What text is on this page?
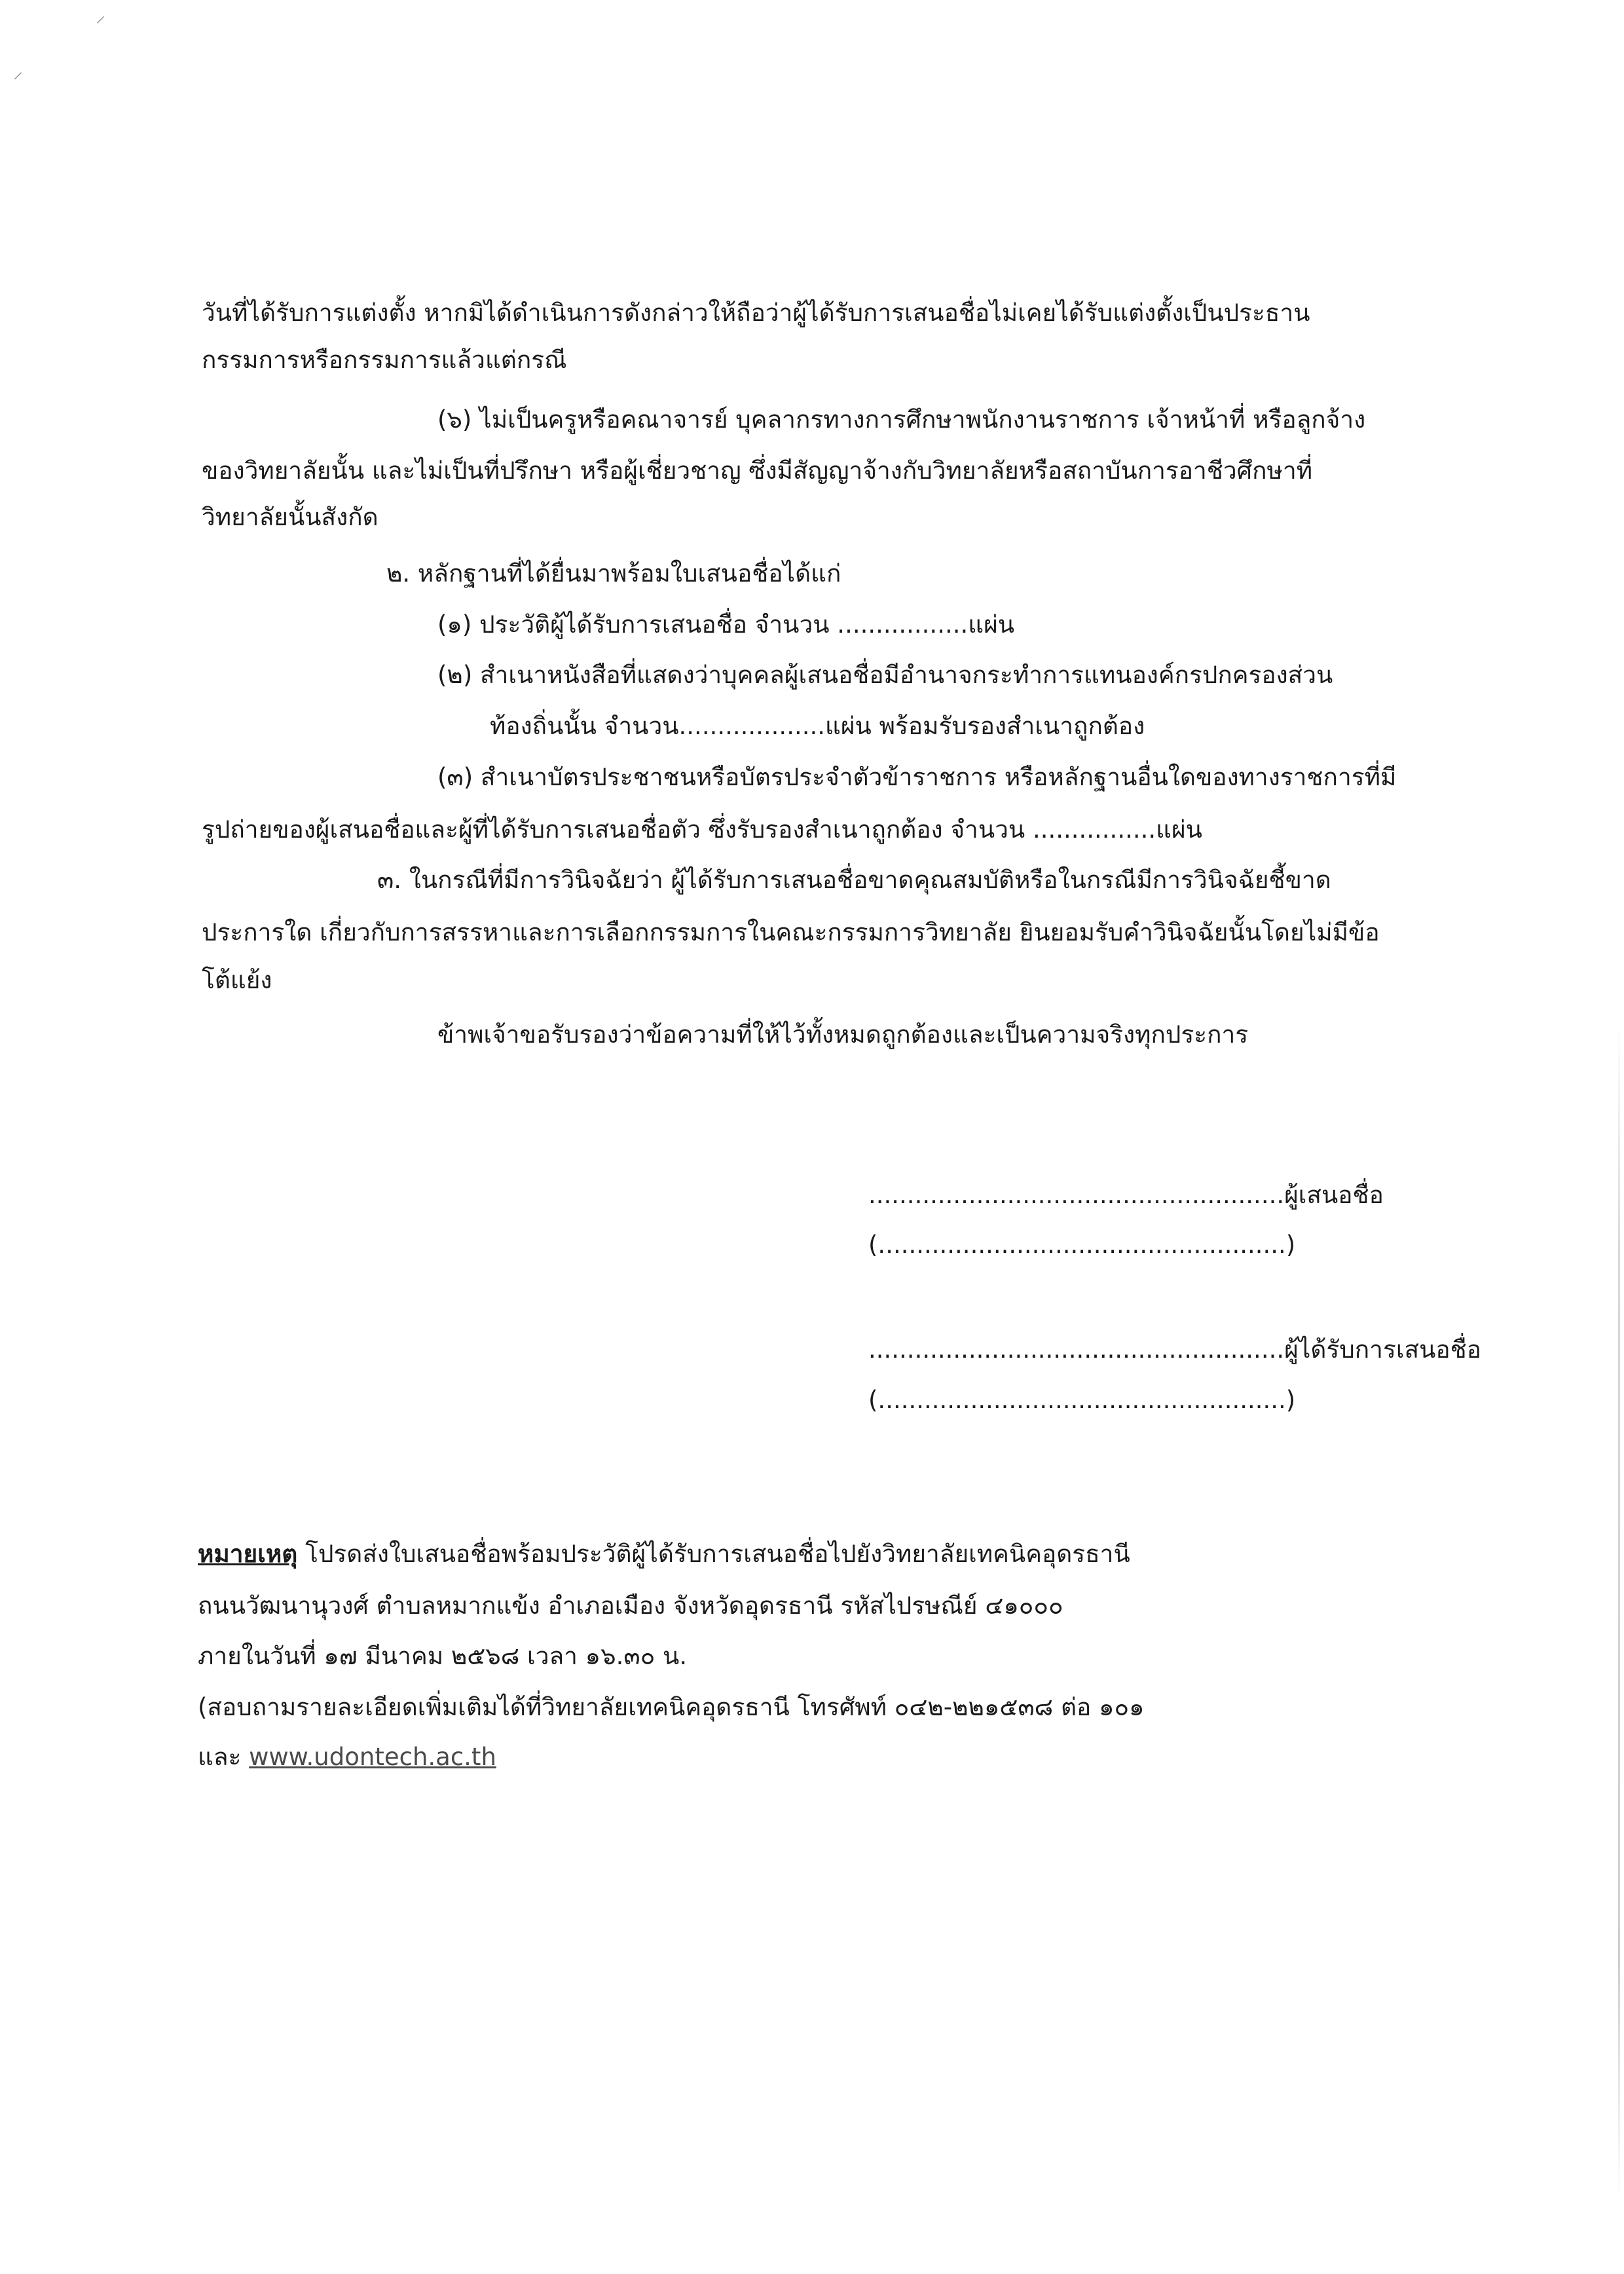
⸍
⸝
วันที่ได้รับการแต่งตั้ง หากมิได้ดำเนินการดังกล่าวให้ถือว่าผู้ได้รับการเสนอชื่อไม่เคยได้รับแต่งตั้งเป็นประธาน
กรรมการหรือกรรมการแล้วแต่กรณี
(๖) ไม่เป็นครูหรือคณาจารย์ บุคลากรทางการศึกษาพนักงานราชการ เจ้าหน้าที่ หรือลูกจ้าง
ของวิทยาลัยนั้น และไม่เป็นที่ปรึกษา หรือผู้เชี่ยวชาญ ซึ่งมีสัญญาจ้างกับวิทยาลัยหรือสถาบันการอาชีวศึกษาที่
วิทยาลัยนั้นสังกัด
๒. หลักฐานที่ได้ยื่นมาพร้อมใบเสนอชื่อได้แก่
(๑) ประวัติผู้ได้รับการเสนอชื่อ จำนวน .................แผ่น
(๒) สำเนาหนังสือที่แสดงว่าบุคคลผู้เสนอชื่อมีอำนาจกระทำการแทนองค์กรปกครองส่วน
ท้องถิ่นนั้น จำนวน...................แผ่น พร้อมรับรองสำเนาถูกต้อง
(๓) สำเนาบัตรประชาชนหรือบัตรประจำตัวข้าราชการ หรือหลักฐานอื่นใดของทางราชการที่มี
รูปถ่ายของผู้เสนอชื่อและผู้ที่ได้รับการเสนอชื่อตัว ซึ่งรับรองสำเนาถูกต้อง จำนวน ................แผ่น
๓. ในกรณีที่มีการวินิจฉัยว่า ผู้ได้รับการเสนอชื่อขาดคุณสมบัติหรือในกรณีมีการวินิจฉัยชี้ขาด
ประการใด เกี่ยวกับการสรรหาและการเลือกกรรมการในคณะกรรมการวิทยาลัย ยินยอมรับคำวินิจฉัยนั้นโดยไม่มีข้อ
โต้แย้ง
ข้าพเจ้าขอรับรองว่าข้อความที่ให้ไว้ทั้งหมดถูกต้องและเป็นความจริงทุกประการ
......................................................ผู้เสนอชื่อ
(.....................................................)
......................................................ผู้ได้รับการเสนอชื่อ
(.....................................................)
หมายเหตุ โปรดส่งใบเสนอชื่อพร้อมประวัติผู้ได้รับการเสนอชื่อไปยังวิทยาลัยเทคนิคอุดรธานี
ถนนวัฒนานุวงศ์ ตำบลหมากแข้ง อำเภอเมือง จังหวัดอุดรธานี รหัสไปรษณีย์ ๔๑๐๐๐
ภายในวันที่ ๑๗ มีนาคม ๒๕๖๘ เวลา ๑๖.๓๐ น.
(สอบถามรายละเอียดเพิ่มเติมได้ที่วิทยาลัยเทคนิคอุดรธานี โทรศัพท์ ๐๔๒-๒๒๑๕๓๘ ต่อ ๑๐๑
และ www.udontech.ac.th
